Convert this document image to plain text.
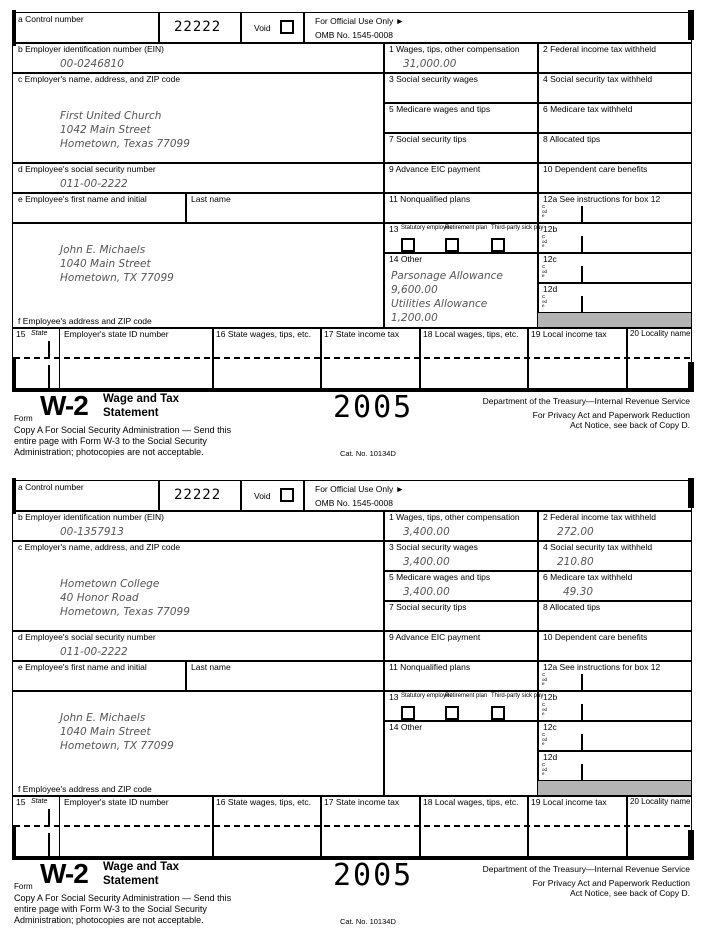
a Control number	22222	Void
For Official Use Only ►
OMB No. 1545-0008
b Employer identification number (EIN)
00-0246810
c Employer's name, address, and ZIP code
First United Church
1042 Main Street
Hometown, Texas 77099
d Employee's social security number
011-00-2222
e Employee's first name and initial	Last name
John E. Michaels
1040 Main Street
Hometown, TX 77099
f Employee's address and ZIP code
1 Wages, tips, other compensation
31,000.00
2 Federal income tax withheld
3 Social security wages	4 Social security tax withheld
5 Medicare wages and tips	6 Medicare tax withheld
7 Social security tips	8 Allocated tips
9 Advance EIC payment	10 Dependent care benefits
11 Nonqualified plans	12a See instructions for box 12
Code
13 Statutory employee
Retirement plan Third-party sick pay 12b
Code
14 Other
Parsonage Allowance
9,600.00
Utilities Allowance
1,200.00
12c
Code
12d
Code
15 State Employer's state ID number	16 State wages, tips, etc. 17 State income tax	18 Local wages, tips, etc. 19 Local income tax	20 Locality name
Form W-2 Wage and Tax
Statement	2005	Department of the Treasury—Internal Revenue Service
For Privacy Act and Paperwork Reduction
Act Notice, see back of Copy D.
Copy A For Social Security Administration — Send this
entire page with Form W-3 to the Social Security
Administration; photocopies are not acceptable.	Cat. No. 10134D
a Control number	22222	Void
For Official Use Only ►
OMB No. 1545-0008
b Employer identification number (EIN)
00-1357913
c Employer's name, address, and ZIP code
Hometown College
40 Honor Road
Hometown, Texas 77099
d Employee's social security number
011-00-2222
e Employee's first name and initial	Last name
John E. Michaels
1040 Main Street
Hometown, TX 77099
f Employee's address and ZIP code
1 Wages, tips, other compensation
3,400.00
2 Federal income tax withheld
272.00
3 Social security wages
3,400.00
4 Social security tax withheld
210.80
5 Medicare wages and tips
3,400.00
6 Medicare tax withheld
49.30
7 Social security tips	8 Allocated tips
9 Advance EIC payment	10 Dependent care benefits
11 Nonqualified plans	12a See instructions for box 12
Code
13 Statutory employee
Retirement plan Third-party sick pay 12b
Code
14 Other	12c
Code
12d
Code
15 State Employer's state ID number	16 State wages, tips, etc. 17 State income tax	18 Local wages, tips, etc. 19 Local income tax	20 Locality name
Form W-2 Wage and Tax
Statement	2005	Department of the Treasury—Internal Revenue Service
For Privacy Act and Paperwork Reduction
Act Notice, see back of Copy D.
Copy A For Social Security Administration — Send this
entire page with Form W-3 to the Social Security
Administration; photocopies are not acceptable.	Cat. No. 10134D
